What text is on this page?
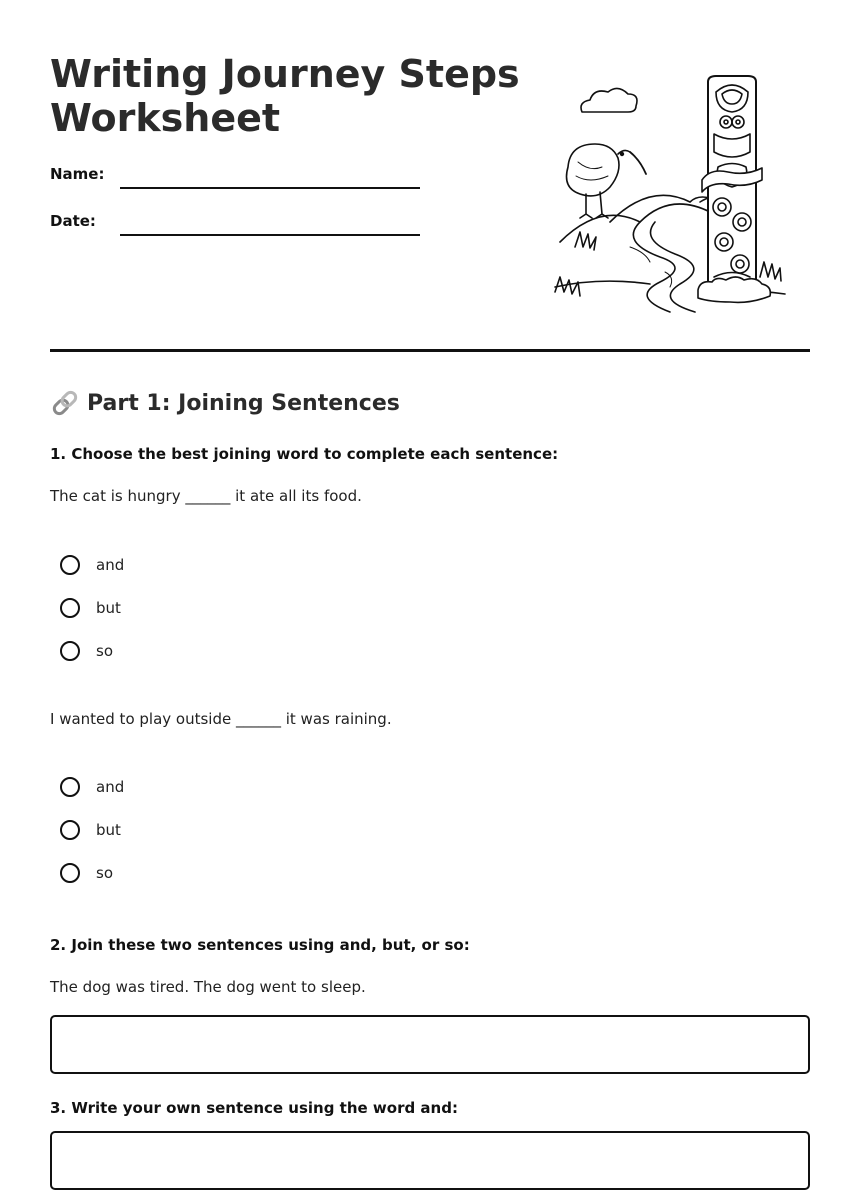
Writing Journey Steps Worksheet
Name:
Date:
Part 1: Joining Sentences
1. Choose the best joining word to complete each sentence:
The cat is hungry ______ it ate all its food.
and
but
so
I wanted to play outside ______ it was raining.
and
but
so
2. Join these two sentences using and, but, or so:
The dog was tired. The dog went to sleep.
3. Write your own sentence using the word and:
